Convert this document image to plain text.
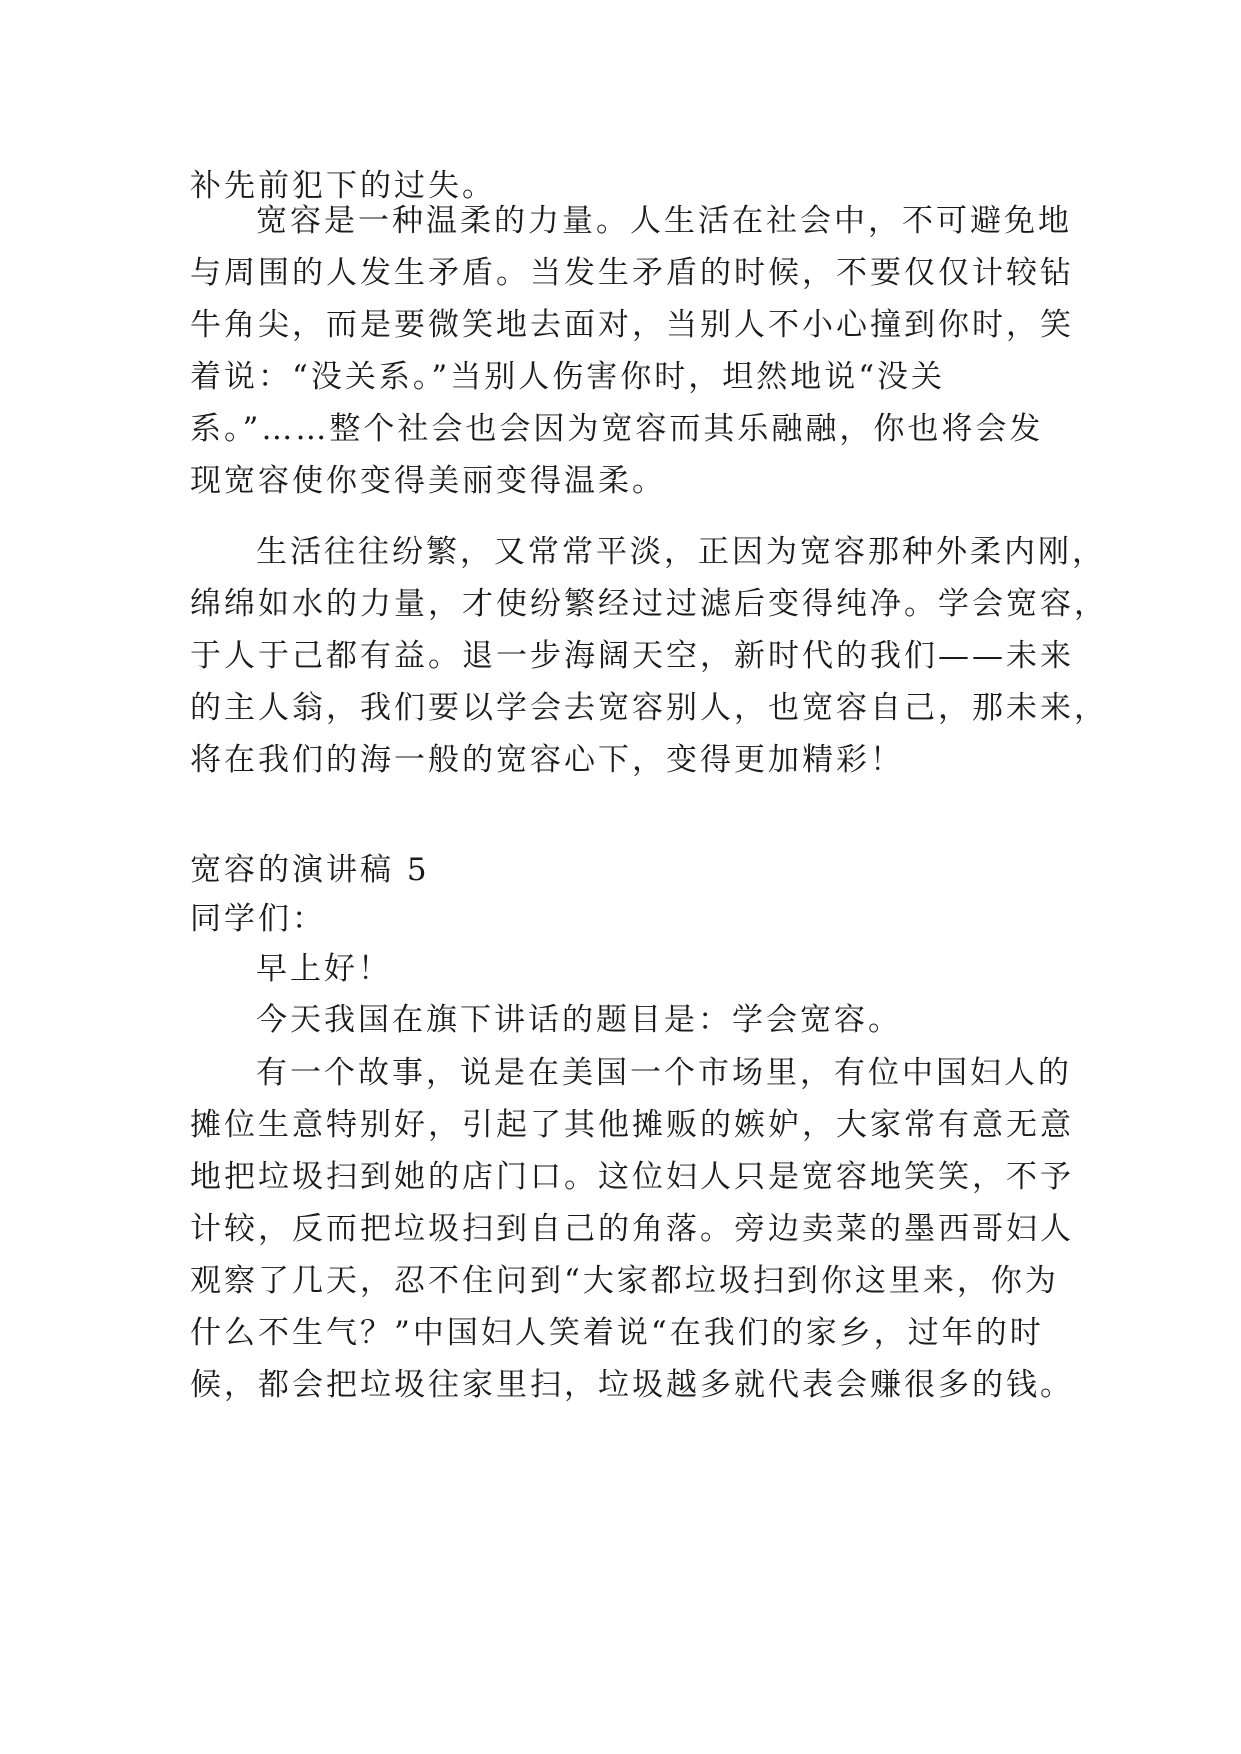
补先前犯下的过失。
宽容是一种温柔的力量。人生活在社会中，不可避免地
与周围的人发生矛盾。当发生矛盾的时候，不要仅仅计较钻
牛角尖，而是要微笑地去面对，当别人不小心撞到你时，笑
着说：“没关系。”当别人伤害你时，坦然地说“没关
系。”……整个社会也会因为宽容而其乐融融，你也将会发
现宽容使你变得美丽变得温柔。
生活往往纷繁，又常常平淡，正因为宽容那种外柔内刚，
绵绵如水的力量，才使纷繁经过过滤后变得纯净。学会宽容，
于人于己都有益。退一步海阔天空，新时代的我们——未来
的主人翁，我们要以学会去宽容别人，也宽容自己，那未来，
将在我们的海一般的宽容心下，变得更加精彩！
宽容的演讲稿 5
同学们：
早上好！
今天我国在旗下讲话的题目是：学会宽容。
有一个故事，说是在美国一个市场里，有位中国妇人的
摊位生意特别好，引起了其他摊贩的嫉妒，大家常有意无意
地把垃圾扫到她的店门口。这位妇人只是宽容地笑笑，不予
计较，反而把垃圾扫到自己的角落。旁边卖菜的墨西哥妇人
观察了几天，忍不住问到“大家都垃圾扫到你这里来，你为
什么不生气？”中国妇人笑着说“在我们的家乡，过年的时
候，都会把垃圾往家里扫，垃圾越多就代表会赚很多的钱。
